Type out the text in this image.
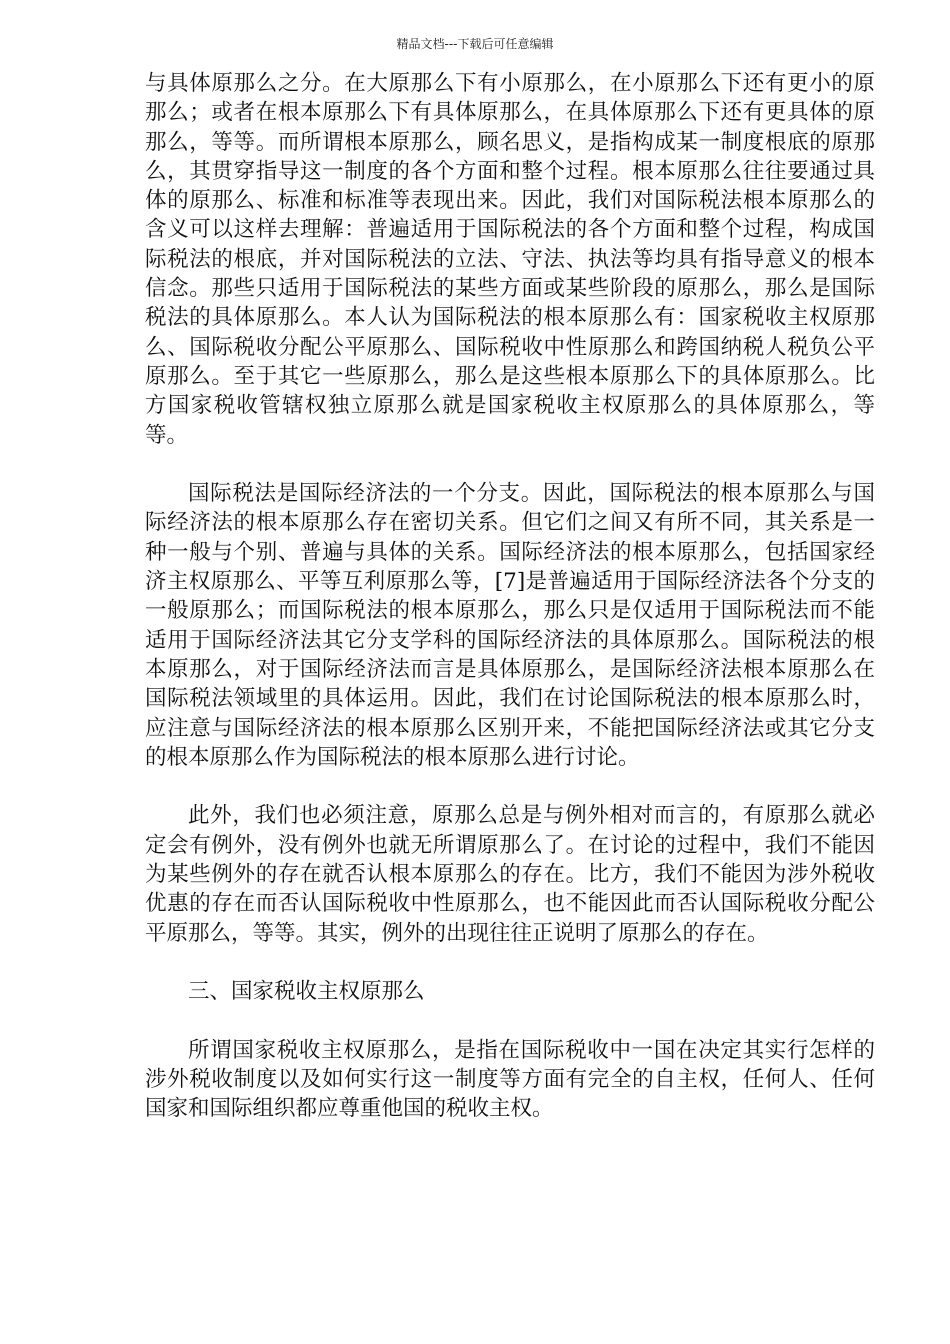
精品文档---下载后可任意编辑

与具体原那么之分。在大原那么下有小原那么，在小原那么下还有更小的原那么；或者在根本原那么下有具体原那么，在具体原那么下还有更具体的原那么，等等。而所谓根本原那么，顾名思义，是指构成某一制度根底的原那么，其贯穿指导这一制度的各个方面和整个过程。根本原那么往往要通过具体的原那么、标准和标准等表现出来。因此，我们对国际税法根本原那么的含义可以这样去理解：普遍适用于国际税法的各个方面和整个过程，构成国际税法的根底，并对国际税法的立法、守法、执法等均具有指导意义的根本信念。那些只适用于国际税法的某些方面或某些阶段的原那么，那么是国际税法的具体原那么。本人认为国际税法的根本原那么有：国家税收主权原那么、国际税收分配公平原那么、国际税收中性原那么和跨国纳税人税负公平原那么。至于其它一些原那么，那么是这些根本原那么下的具体原那么。比方国家税收管辖权独立原那么就是国家税收主权原那么的具体原那么，等等。

国际税法是国际经济法的一个分支。因此，国际税法的根本原那么与国际经济法的根本原那么存在密切关系。但它们之间又有所不同，其关系是一种一般与个别、普遍与具体的关系。国际经济法的根本原那么，包括国家经济主权原那么、平等互利原那么等，[7]是普遍适用于国际经济法各个分支的一般原那么；而国际税法的根本原那么，那么只是仅适用于国际税法而不能适用于国际经济法其它分支学科的国际经济法的具体原那么。国际税法的根本原那么，对于国际经济法而言是具体原那么，是国际经济法根本原那么在国际税法领域里的具体运用。因此，我们在讨论国际税法的根本原那么时，应注意与国际经济法的根本原那么区别开来，不能把国际经济法或其它分支的根本原那么作为国际税法的根本原那么进行讨论。

此外，我们也必须注意，原那么总是与例外相对而言的，有原那么就必定会有例外，没有例外也就无所谓原那么了。在讨论的过程中，我们不能因为某些例外的存在就否认根本原那么的存在。比方，我们不能因为涉外税收优惠的存在而否认国际税收中性原那么，也不能因此而否认国际税收分配公平原那么，等等。其实，例外的出现往往正说明了原那么的存在。

三、国家税收主权原那么

所谓国家税收主权原那么，是指在国际税收中一国在决定其实行怎样的涉外税收制度以及如何实行这一制度等方面有完全的自主权，任何人、任何国家和国际组织都应尊重他国的税收主权。
